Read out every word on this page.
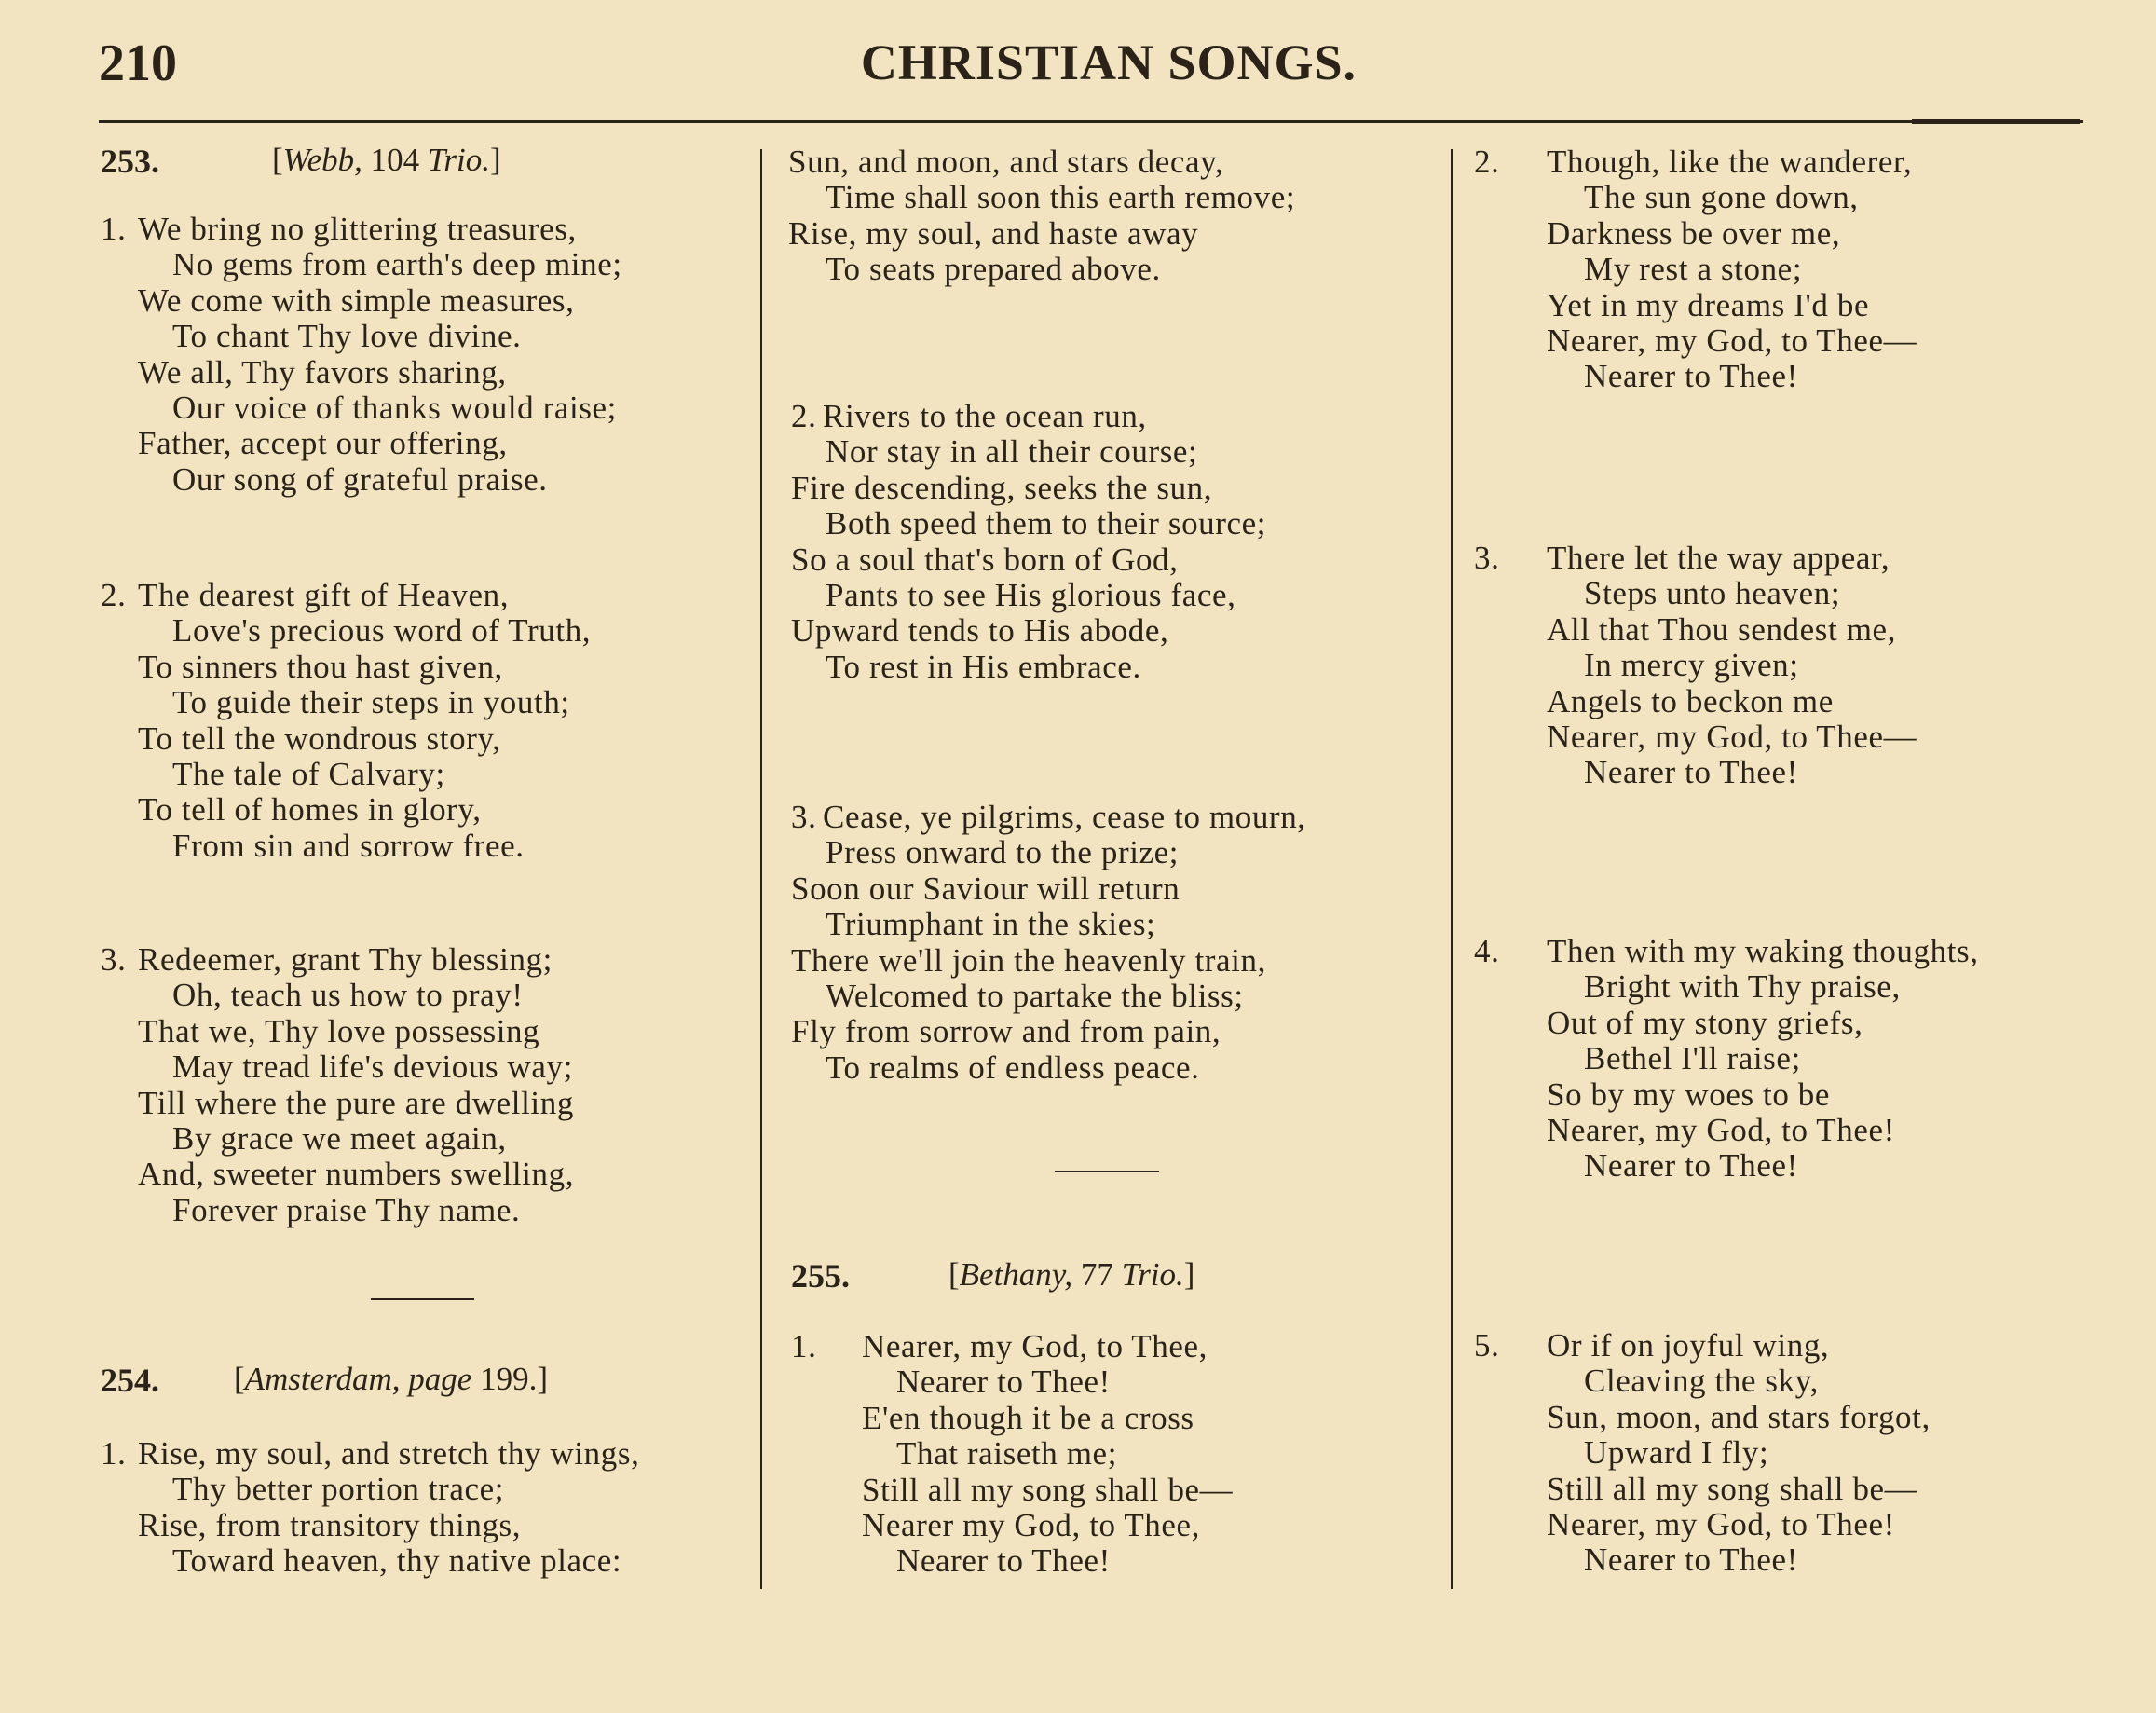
210	CHRISTIAN SONGS.
253.	[Webb, 104 Trio.]
254. [Amsterdam, page 199.]
255.	[Bethany, 77 Trio.]
1. We bring no glittering treasures,
No gems from earth's deep mine;
We come with simple measures,
To chant Thy love divine.
We all, Thy favors sharing,
Our voice of thanks would raise;
Father, accept our offering,
Our song of grateful praise.
2. The dearest gift of Heaven,
Love's precious word of Truth,
To sinners thou hast given,
To guide their steps in youth;
To tell the wondrous story,
The tale of Calvary;
To tell of homes in glory,
From sin and sorrow free.
3. Redeemer, grant Thy blessing;
Oh, teach us how to pray!
That we, Thy love possessing
May tread life's devious way;
Till where the pure are dwelling
By grace we meet again,
And, sweeter numbers swelling,
Forever praise Thy name.
1. Rise, my soul, and stretch thy wings,
Thy better portion trace;
Rise, from transitory things,
Toward heaven, thy native place:
Sun, and moon, and stars decay,
Time shall soon this earth remove;
Rise, my soul, and haste away
To seats prepared above.
2. Rivers to the ocean run,
Nor stay in all their course;
Fire descending, seeks the sun,
Both speed them to their source;
So a soul that's born of God,
Pants to see His glorious face,
Upward tends to His abode,
To rest in His embrace.
3. Cease, ye pilgrims, cease to mourn,
Press onward to the prize;
Soon our Saviour will return
Triumphant in the skies;
There we'll join the heavenly train,
Welcomed to partake the bliss;
Fly from sorrow and from pain,
To realms of endless peace.
1. Nearer, my God, to Thee,
Nearer to Thee!
E'en though it be a cross
That raiseth me;
Still all my song shall be—
Nearer my God, to Thee,
Nearer to Thee!
2. Though, like the wanderer,
The sun gone down,
Darkness be over me,
My rest a stone;
Yet in my dreams I'd be
Nearer, my God, to Thee—
Nearer to Thee!
3. There let the way appear,
Steps unto heaven;
All that Thou sendest me,
In mercy given;
Angels to beckon me
Nearer, my God, to Thee—
Nearer to Thee!
4. Then with my waking thoughts,
Bright with Thy praise,
Out of my stony griefs,
Bethel I'll raise;
So by my woes to be
Nearer, my God, to Thee!
Nearer to Thee!
5. Or if on joyful wing,
Cleaving the sky,
Sun, moon, and stars forgot,
Upward I fly;
Still all my song shall be—
Nearer, my God, to Thee!
Nearer to Thee!
